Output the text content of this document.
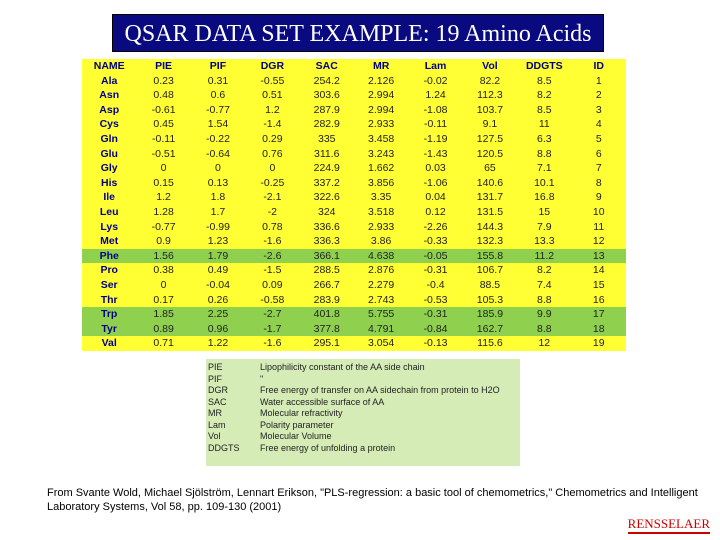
QSAR DATA SET EXAMPLE: 19 Amino Acids
NAME	PIE	PIF	DGR	SAC	MR	Lam	Vol	DDGTS	ID
Ala	0.23	0.31	-0.55	254.2	2.126	-0.02	82.2	8.5	1
Asn	0.48	0.6	0.51	303.6	2.994	1.24	112.3	8.2	2
Asp	-0.61	-0.77	1.2	287.9	2.994	-1.08	103.7	8.5	3
Cys	0.45	1.54	-1.4	282.9	2.933	-0.11	9.1	11	4
Gln	-0.11	-0.22	0.29	335	3.458	-1.19	127.5	6.3	5
Glu	-0.51	-0.64	0.76	311.6	3.243	-1.43	120.5	8.8	6
Gly	0	0	0	224.9	1.662	0.03	65	7.1	7
His	0.15	0.13	-0.25	337.2	3.856	-1.06	140.6	10.1	8
Ile	1.2	1.8	-2.1	322.6	3.35	0.04	131.7	16.8	9
Leu	1.28	1.7	-2	324	3.518	0.12	131.5	15	10
Lys	-0.77	-0.99	0.78	336.6	2.933	-2.26	144.3	7.9	11
Met	0.9	1.23	-1.6	336.3	3.86	-0.33	132.3	13.3	12
Phe	1.56	1.79	-2.6	366.1	4.638	-0.05	155.8	11.2	13
Pro	0.38	0.49	-1.5	288.5	2.876	-0.31	106.7	8.2	14
Ser	0	-0.04	0.09	266.7	2.279	-0.4	88.5	7.4	15
Thr	0.17	0.26	-0.58	283.9	2.743	-0.53	105.3	8.8	16
Trp	1.85	2.25	-2.7	401.8	5.755	-0.31	185.9	9.9	17
Tyr	0.89	0.96	-1.7	377.8	4.791	-0.84	162.7	8.8	18
Val	0.71	1.22	-1.6	295.1	3.054	-0.13	115.6	12	19
PIE	Lipophilicity constant of the AA side chain
PIF	"
DGR	Free energy of transfer on AA sidechain from protein to H2O
SAC	Water accessible surface of AA
MR	Molecular refractivity
Lam	Polarity parameter
Vol	Molecular Volume
DDGTS	Free energy of unfolding a protein
From Svante Wold, Michael Sjölström, Lennart Erikson, "PLS-regression: a basic tool of chemometrics," Chemometrics and Intelligent Laboratory Systems, Vol 58, pp. 109-130 (2001)
RENSSELAER
